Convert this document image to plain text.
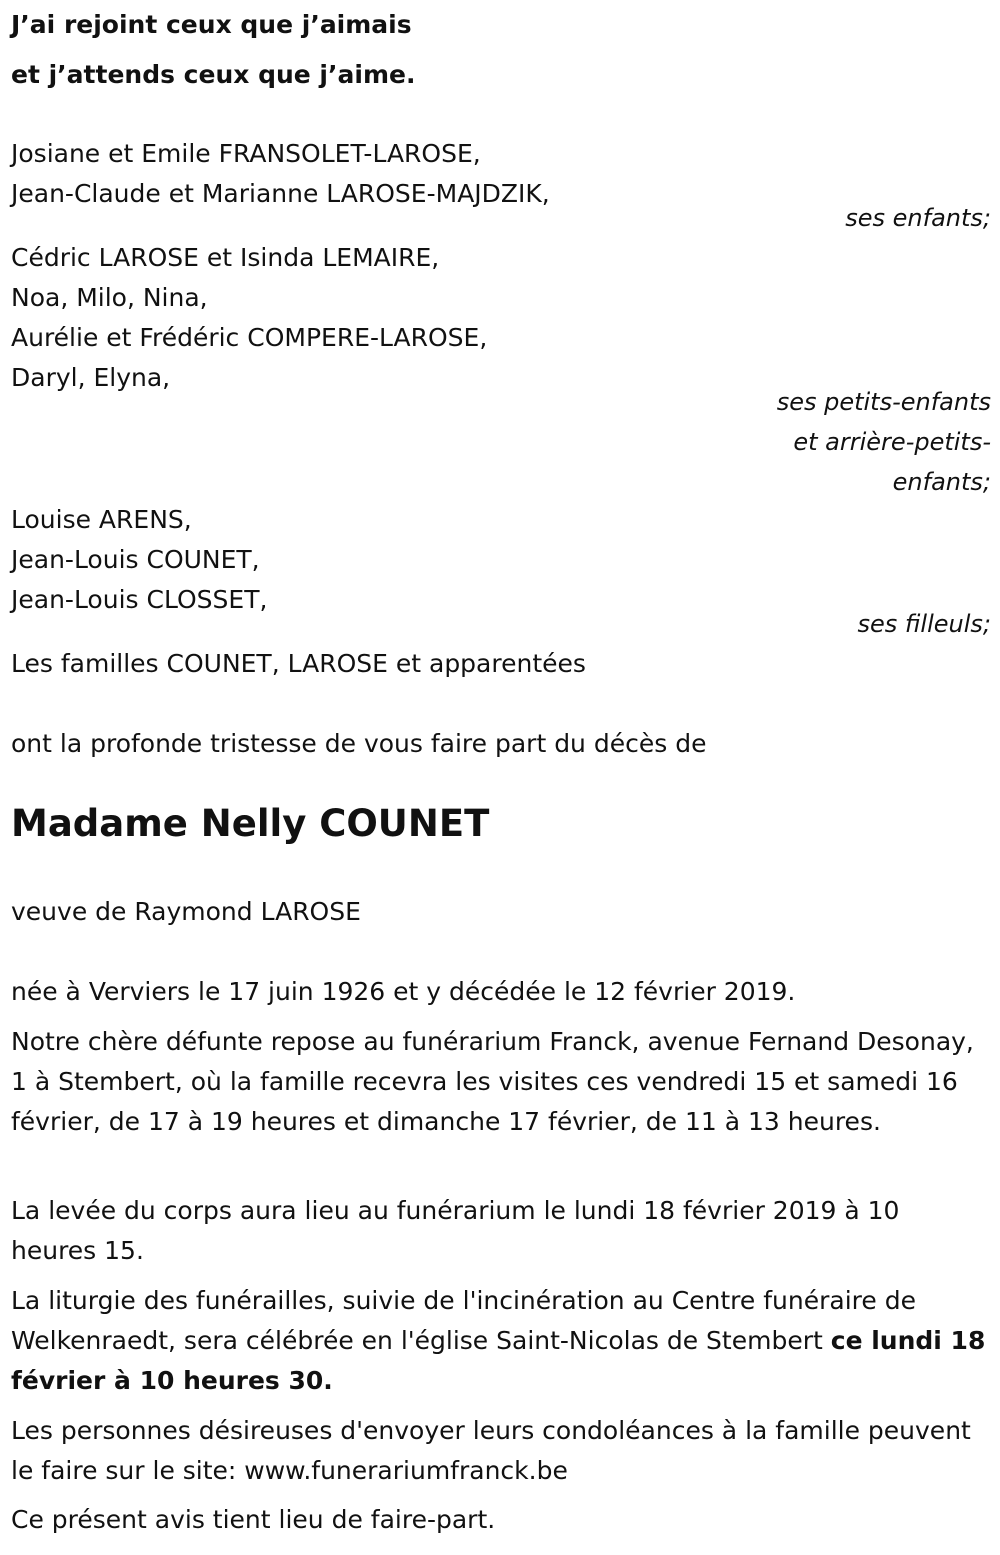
J’ai rejoint ceux que j’aimais
et j’attends ceux que j’aime.
Josiane et Emile FRANSOLET-LAROSE,
Jean-Claude et Marianne LAROSE-MAJDZIK,
ses enfants;
Cédric LAROSE et Isinda LEMAIRE,
Noa, Milo, Nina,
Aurélie et Frédéric COMPERE-LAROSE,
Daryl, Elyna,
ses petits-enfants
et arrière-petits-
enfants;
Louise ARENS,
Jean-Louis COUNET,
Jean-Louis CLOSSET,
ses filleuls;
Les familles COUNET, LAROSE et apparentées
ont la profonde tristesse de vous faire part du décès de
Madame Nelly COUNET
veuve de Raymond LAROSE
née à Verviers le 17 juin 1926 et y décédée le 12 février 2019.
Notre chère défunte repose au funérarium Franck, avenue Fernand Desonay, 1 à Stembert, où la famille recevra les visites ces vendredi 15 et samedi 16 février, de 17 à 19 heures et dimanche 17 février, de 11 à 13 heures.
La levée du corps aura lieu au funérarium le lundi 18 février 2019 à 10 heures 15.
La liturgie des funérailles, suivie de l'incinération au Centre funéraire de Welkenraedt, sera célébrée en l'église Saint-Nicolas de Stembert ce lundi 18 février à 10 heures 30.
Les personnes désireuses d'envoyer leurs condoléances à la famille peuvent le faire sur le site: www.funerariumfranck.be
Ce présent avis tient lieu de faire-part.
